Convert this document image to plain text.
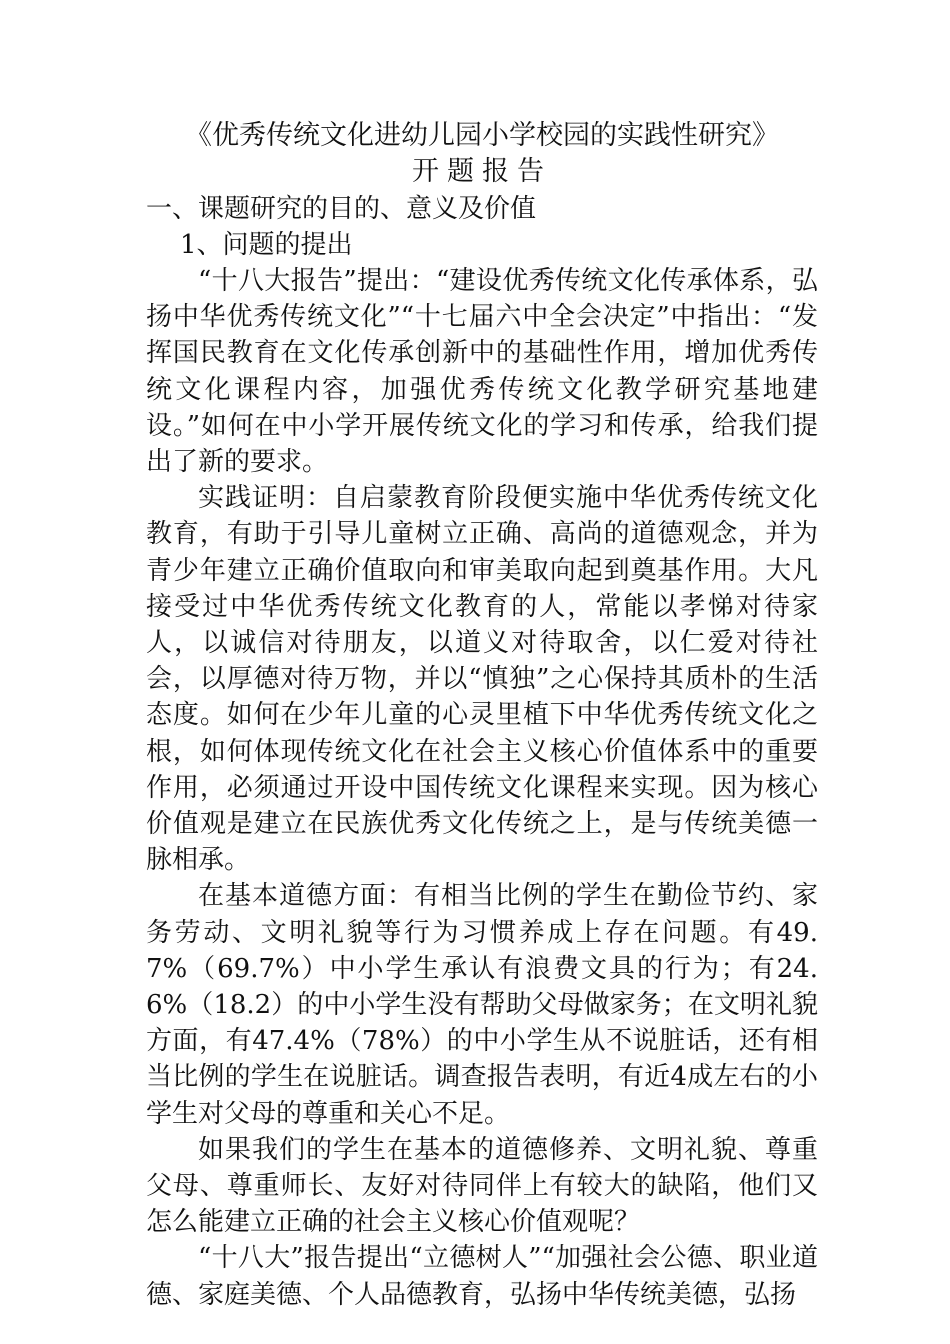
《优秀传统文化进幼儿园小学校园的实践性研究》
开题报告
一、课题研究的目的、意义及价值
1、问题的提出

“十八大报告”提出：“建设优秀传统文化传承体系，弘扬中华优秀传统文化”“十七届六中全会决定”中指出：“发挥国民教育在文化传承创新中的基础性作用，增加优秀传统文化课程内容，加强优秀传统文化教学研究基地建设。”如何在中小学开展传统文化的学习和传承，给我们提出了新的要求。

实践证明：自启蒙教育阶段便实施中华优秀传统文化教育，有助于引导儿童树立正确、高尚的道德观念，并为青少年建立正确价值取向和审美取向起到奠基作用。大凡接受过中华优秀传统文化教育的人，常能以孝悌对待家人，以诚信对待朋友，以道义对待取舍，以仁爱对待社会，以厚德对待万物，并以“慎独”之心保持其质朴的生活态度。如何在少年儿童的心灵里植下中华优秀传统文化之根，如何体现传统文化在社会主义核心价值体系中的重要作用，必须通过开设中国传统文化课程来实现。因为核心价值观是建立在民族优秀文化传统之上，是与传统美德一脉相承。

在基本道德方面：有相当比例的学生在勤俭节约、家务劳动、文明礼貌等行为习惯养成上存在问题。有49.7%（69.7%）中小学生承认有浪费文具的行为；有24.6%（18.2）的中小学生没有帮助父母做家务；在文明礼貌方面，有47.4%（78%）的中小学生从不说脏话，还有相当比例的学生在说脏话。调查报告表明，有近4成左右的小学生对父母的尊重和关心不足。

如果我们的学生在基本的道德修养、文明礼貌、尊重父母、尊重师长、友好对待同伴上有较大的缺陷，他们又怎么能建立正确的社会主义核心价值观呢？

“十八大”报告提出“立德树人”“加强社会公德、职业道德、家庭美德、个人品德教育，弘扬中华传统美德，弘扬
